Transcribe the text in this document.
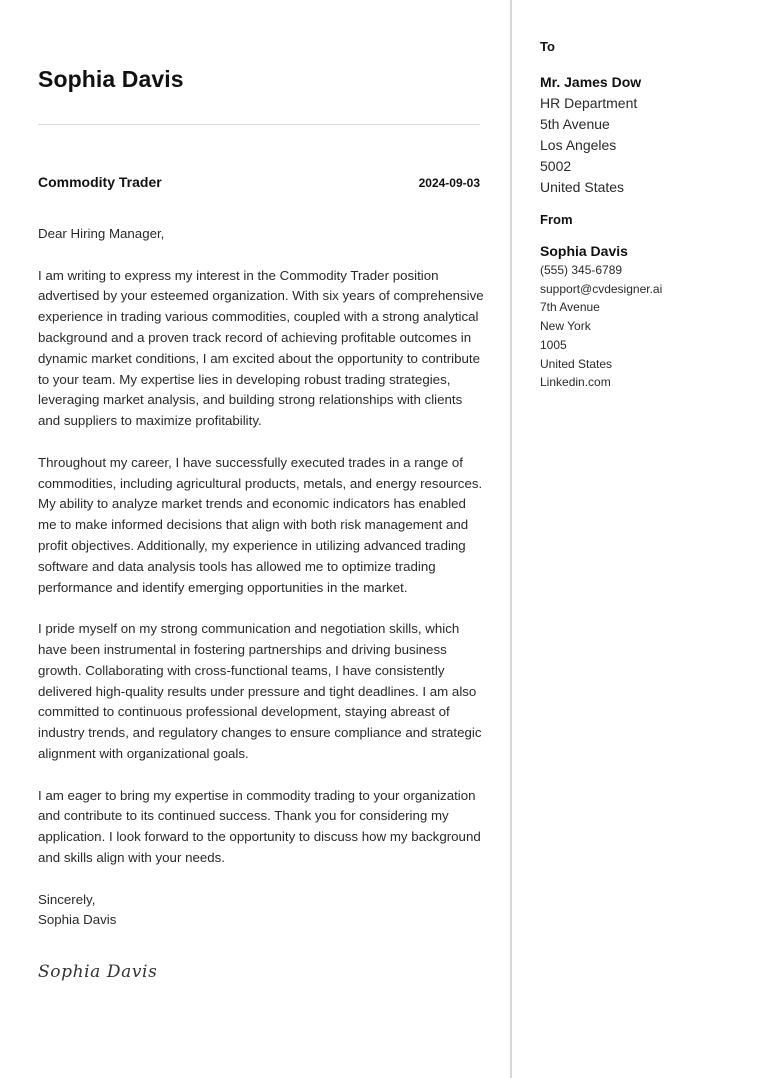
Sophia Davis
Commodity Trader	2024-09-03

Dear Hiring Manager,

I am writing to express my interest in the Commodity Trader position advertised by your esteemed organization. With six years of comprehensive experience in trading various commodities, coupled with a strong analytical background and a proven track record of achieving profitable outcomes in dynamic market conditions, I am excited about the opportunity to contribute to your team. My expertise lies in developing robust trading strategies, leveraging market analysis, and building strong relationships with clients and suppliers to maximize profitability.

Throughout my career, I have successfully executed trades in a range of commodities, including agricultural products, metals, and energy resources. My ability to analyze market trends and economic indicators has enabled me to make informed decisions that align with both risk management and profit objectives. Additionally, my experience in utilizing advanced trading software and data analysis tools has allowed me to optimize trading performance and identify emerging opportunities in the market.

I pride myself on my strong communication and negotiation skills, which have been instrumental in fostering partnerships and driving business growth. Collaborating with cross-functional teams, I have consistently delivered high-quality results under pressure and tight deadlines. I am also committed to continuous professional development, staying abreast of industry trends, and regulatory changes to ensure compliance and strategic alignment with organizational goals.

I am eager to bring my expertise in commodity trading to your organization and contribute to its continued success. Thank you for considering my application. I look forward to the opportunity to discuss how my background and skills align with your needs.

Sincerely,
Sophia Davis
Sophia Davis

To

Mr. James Dow
HR Department
5th Avenue
Los Angeles
5002
United States

From

Sophia Davis
(555) 345-6789
support@cvdesigner.ai
7th Avenue
New York
1005
United States
Linkedin.com
